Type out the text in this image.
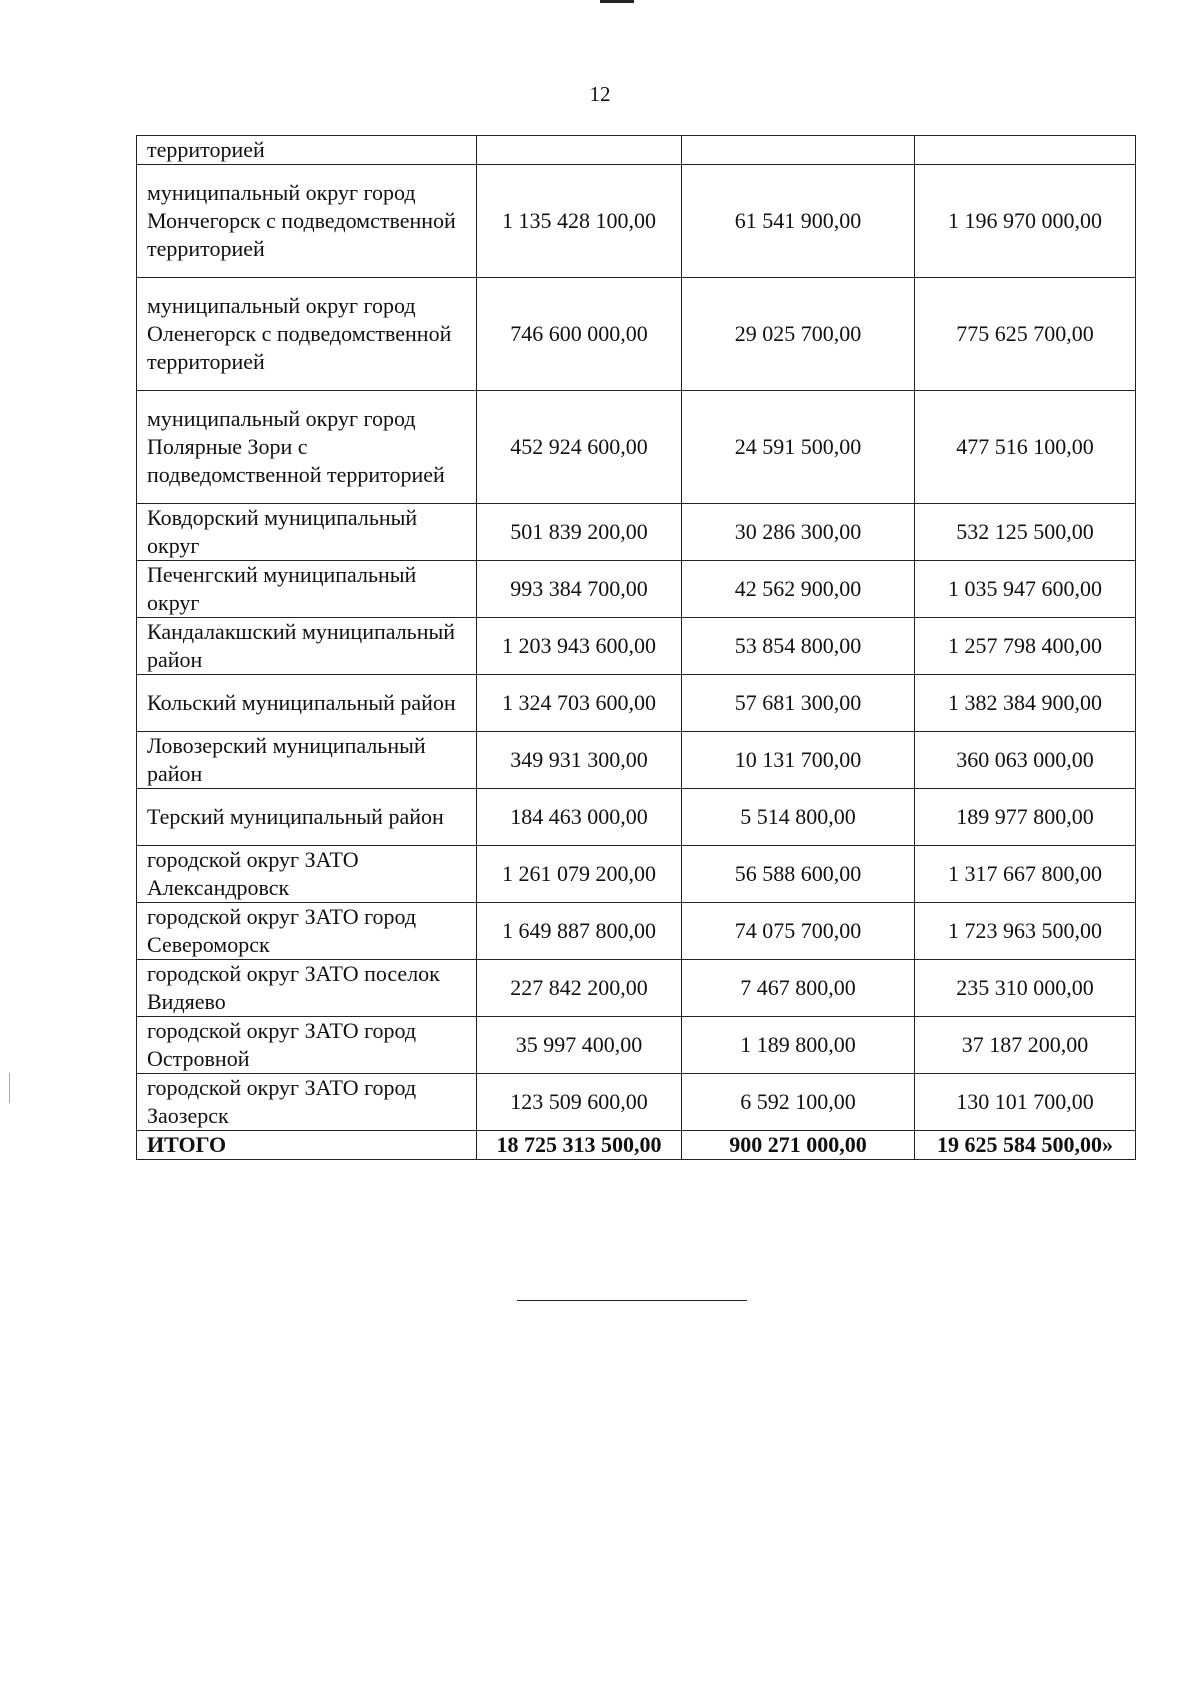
12
территорией			
муниципальный округ город Мончегорск с подведомственной территорией	1 135 428 100,00	61 541 900,00	1 196 970 000,00
муниципальный округ город Оленегорск с подведомственной территорией	746 600 000,00	29 025 700,00	775 625 700,00
муниципальный округ город Полярные Зори с подведомственной территорией	452 924 600,00	24 591 500,00	477 516 100,00
Ковдорский муниципальный округ	501 839 200,00	30 286 300,00	532 125 500,00
Печенгский муниципальный округ	993 384 700,00	42 562 900,00	1 035 947 600,00
Кандалакшский муниципальный район	1 203 943 600,00	53 854 800,00	1 257 798 400,00
Кольский муниципальный район	1 324 703 600,00	57 681 300,00	1 382 384 900,00
Ловозерский муниципальный район	349 931 300,00	10 131 700,00	360 063 000,00
Терский муниципальный район	184 463 000,00	5 514 800,00	189 977 800,00
городской округ ЗАТО Александровск	1 261 079 200,00	56 588 600,00	1 317 667 800,00
городской округ ЗАТО город Североморск	1 649 887 800,00	74 075 700,00	1 723 963 500,00
городской округ ЗАТО поселок Видяево	227 842 200,00	7 467 800,00	235 310 000,00
городской округ ЗАТО город Островной	35 997 400,00	1 189 800,00	37 187 200,00
городской округ ЗАТО город Заозерск	123 509 600,00	6 592 100,00	130 101 700,00
ИТОГО	18 725 313 500,00	900 271 000,00	19 625 584 500,00»
